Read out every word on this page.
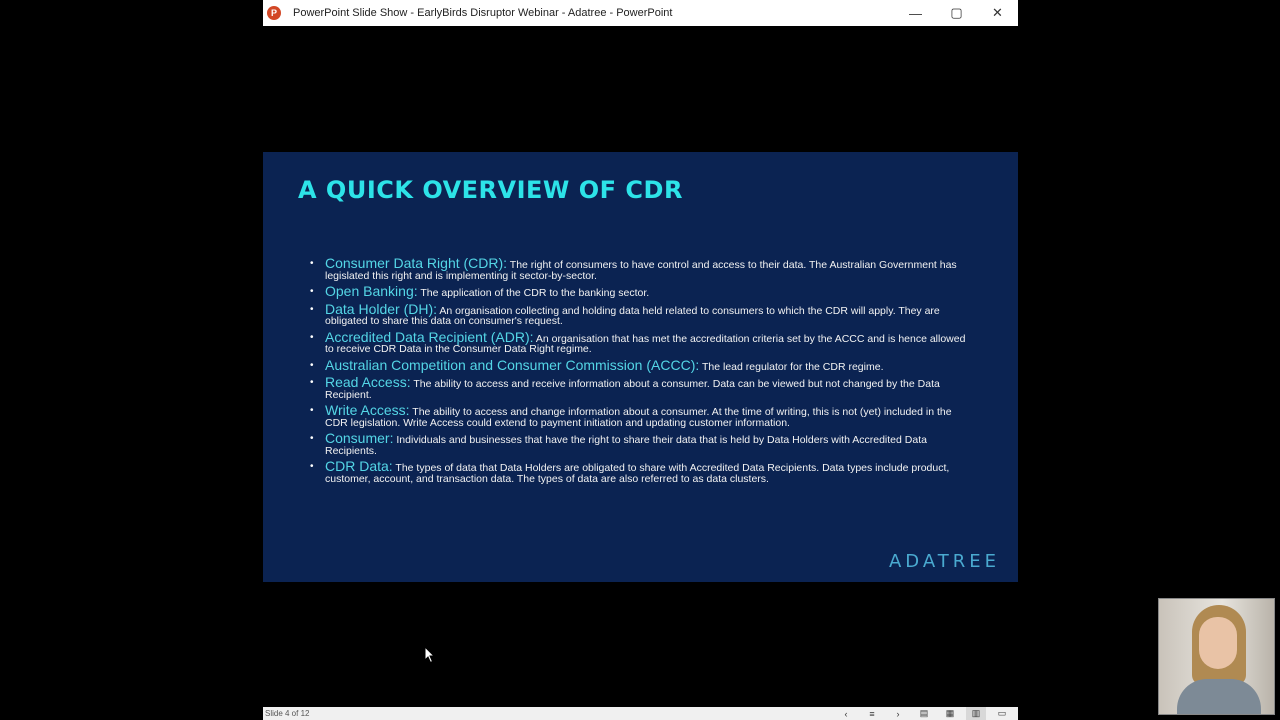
P	PowerPoint Slide Show - EarlyBirds Disruptor Webinar - Adatree - PowerPoint	—	▢	✕
A QUICK OVERVIEW OF CDR
• Consumer Data Right (CDR): The right of consumers to have control and access to their data. The Australian Government has legislated this right and is implementing it sector-by-sector.
• Open Banking: The application of the CDR to the banking sector.
• Data Holder (DH): An organisation collecting and holding data held related to consumers to which the CDR will apply. They are obligated to share this data on consumer's request.
• Accredited Data Recipient (ADR): An organisation that has met the accreditation criteria set by the ACCC and is hence allowed to receive CDR Data in the Consumer Data Right regime.
• Australian Competition and Consumer Commission (ACCC): The lead regulator for the CDR regime.
• Read Access: The ability to access and receive information about a consumer. Data can be viewed but not changed by the Data Recipient.
• Write Access: The ability to access and change information about a consumer. At the time of writing, this is not (yet) included in the CDR legislation. Write Access could extend to payment initiation and updating customer information.
• Consumer: Individuals and businesses that have the right to share their data that is held by Data Holders with Accredited Data Recipients.
• CDR Data: The types of data that Data Holders are obligated to share with Accredited Data Recipients. Data types include product, customer, account, and transaction data. The types of data are also referred to as data clusters.
ADATREE
Slide 4 of 12	‹	≡	›	▤	▦	▥	▭
